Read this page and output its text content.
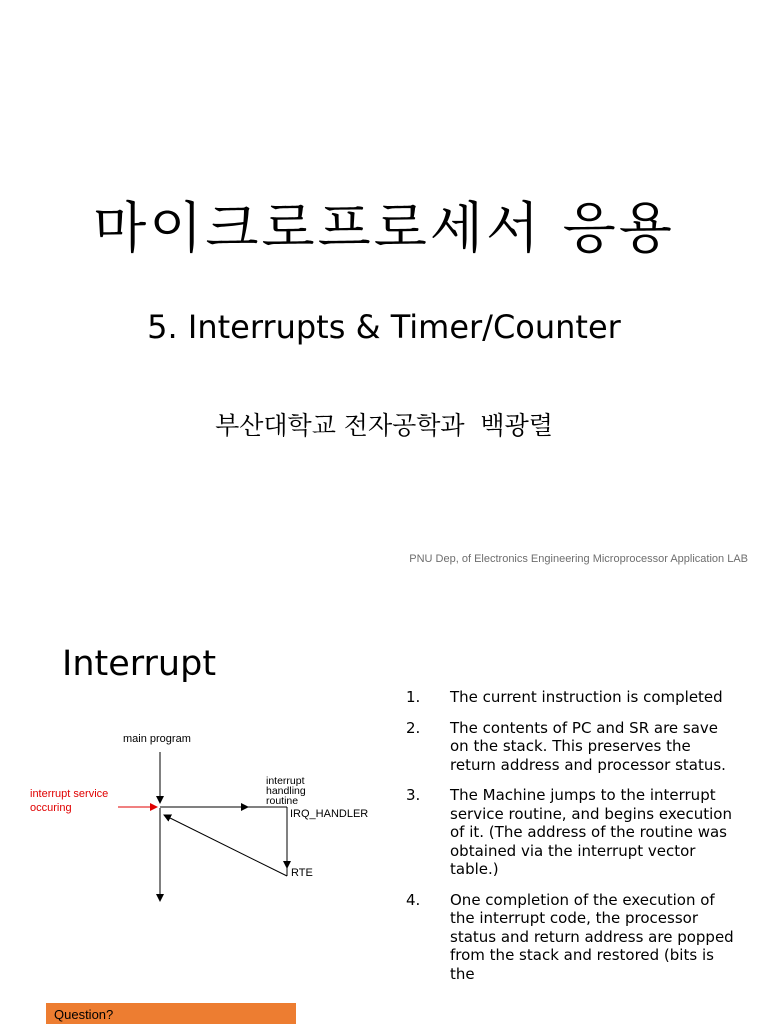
마이크로프로세서 응용
5. Interrupts & Timer/Counter
부산대학교 전자공학과  백광렬
PNU Dep, of Electronics Engineering Microprocessor Application LAB
Interrupt
main program
interrupt service
occuring
interrupt
handling
routine
IRQ_HANDLER
RTE
1. The current instruction is completed
2. The contents of PC and SR are save on the stack. This preserves the return address and processor status.
3. The Machine jumps to the interrupt service routine, and begins execution of it. (The address of the routine was obtained via the interrupt vector table.)
4. One completion of the execution of the interrupt code, the processor status and return address are popped from the stack and restored (bits is the
Question?
